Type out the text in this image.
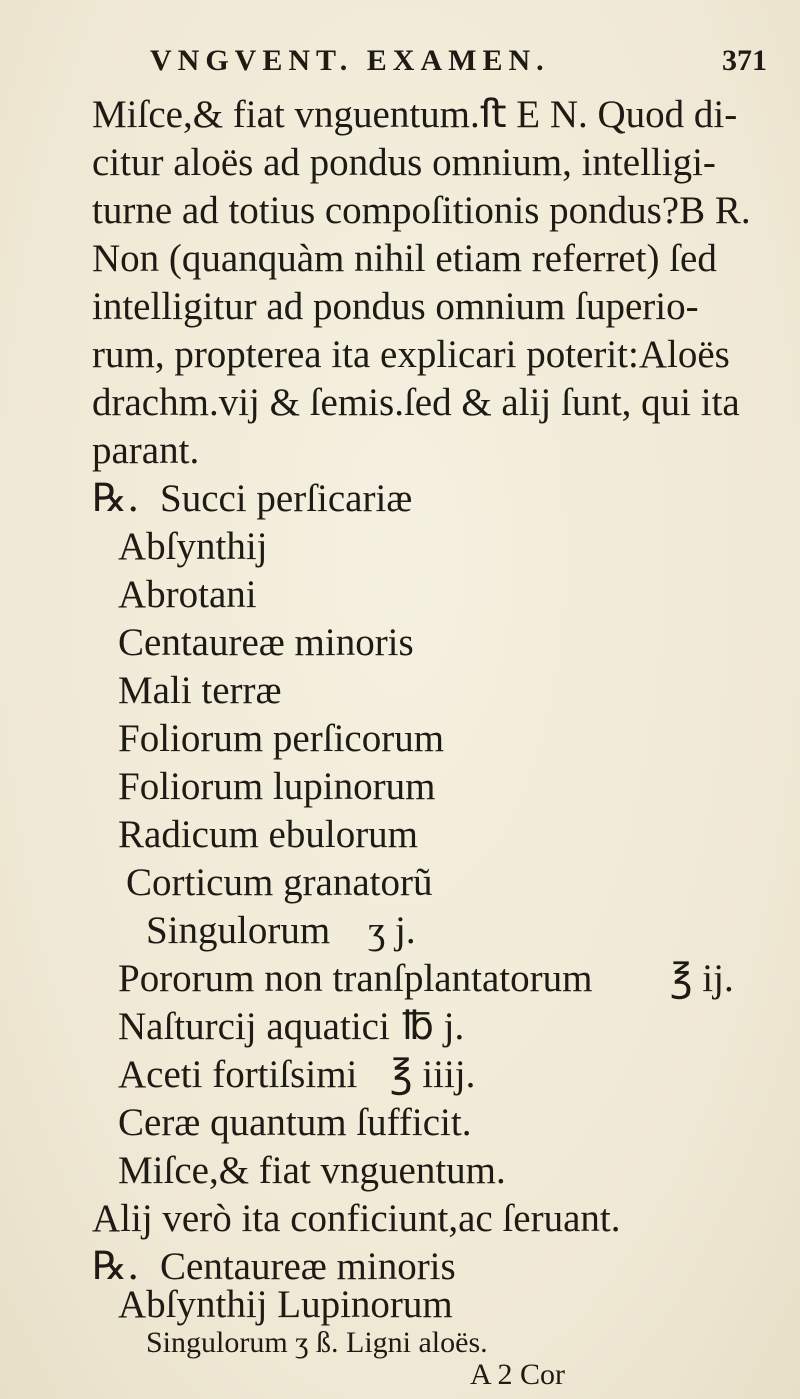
VNGVENT. EXAMEN.	371
Miſce,& fiat vnguentum.ﬅ E N. Quod di-
citur aloës ad pondus omnium, intelligi-
turne ad totius compoſitionis pondus?B R.
Non (quanquàm nihil etiam referret) ſed
intelligitur ad pondus omnium ſuperio-
rum, propterea ita explicari poterit:Aloës
drachm.vij & ſemis.ſed & alij ſunt, qui ita
parant.
℞. Succi perſicariæ
Abſynthij
Abrotani
Centaureæ minoris
Mali terræ
Foliorum perſicorum
Foliorum lupinorum
Radicum ebulorum
Corticum granatorũ
Singulorum ʒ j.
Pororum non tranſplantatorum ℥ ij.
Naſturcij aquatici ℔ j.
Aceti fortiſsimi ℥ iiij.
Ceræ quantum ſufficit.
Miſce,& fiat vnguentum.
Alij verò ita conficiunt,ac ſeruant.
℞. Centaureæ minoris
Abſynthij Lupinorum
Singulorum ʒ ß. Ligni aloës.
A 2 Cor
